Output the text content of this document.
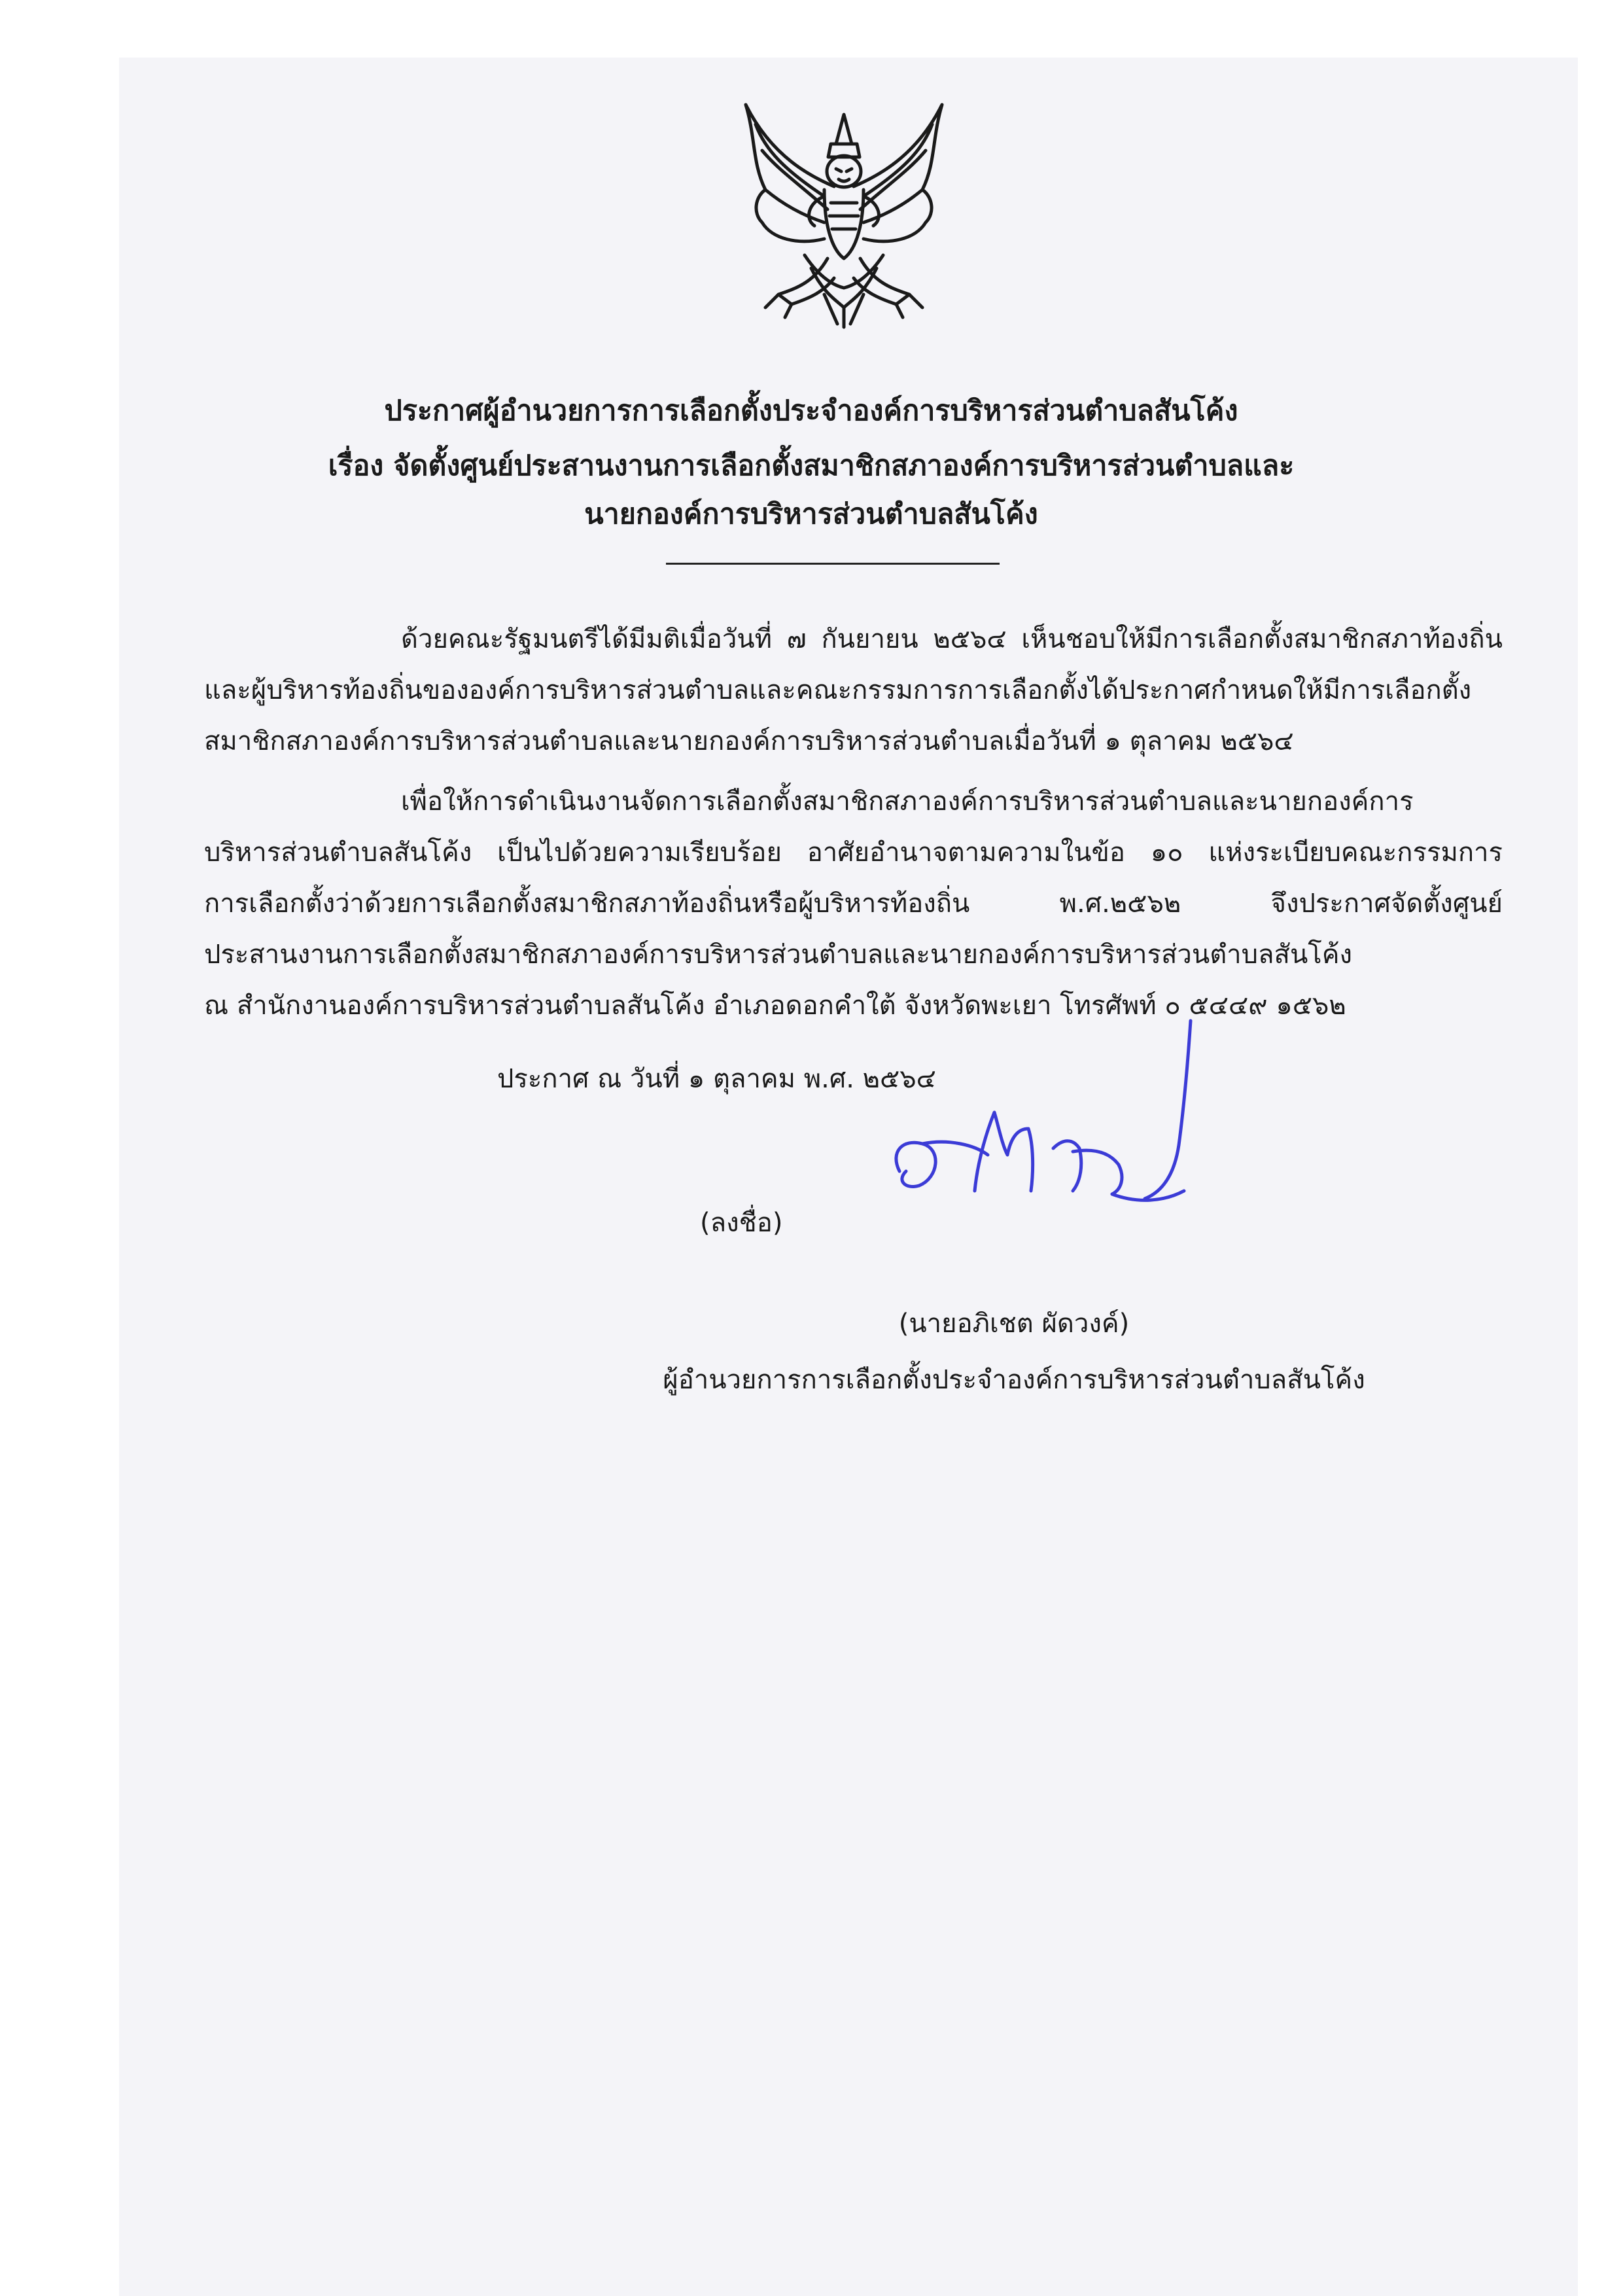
ประกาศผู้อำนวยการการเลือกตั้งประจำองค์การบริหารส่วนตำบลสันโค้ง
เรื่อง จัดตั้งศูนย์ประสานงานการเลือกตั้งสมาชิกสภาองค์การบริหารส่วนตำบลและ
นายกองค์การบริหารส่วนตำบลสันโค้ง
ด้วยคณะรัฐมนตรีได้มีมติเมื่อวันที่ ๗ กันยายน ๒๕๖๔ เห็นชอบให้มีการเลือกตั้งสมาชิกสภาท้องถิ่น
และผู้บริหารท้องถิ่นขององค์การบริหารส่วนตำบลและคณะกรรมการการเลือกตั้งได้ประกาศกำหนดให้มีการเลือกตั้ง
สมาชิกสภาองค์การบริหารส่วนตำบลและนายกองค์การบริหารส่วนตำบลเมื่อวันที่ ๑ ตุลาคม ๒๕๖๔
เพื่อให้การดำเนินงานจัดการเลือกตั้งสมาชิกสภาองค์การบริหารส่วนตำบลและนายกองค์การ
บริหารส่วนตำบลสันโค้ง เป็นไปด้วยความเรียบร้อย อาศัยอำนาจตามความในข้อ ๑๐ แห่งระเบียบคณะกรรมการ
การเลือกตั้งว่าด้วยการเลือกตั้งสมาชิกสภาท้องถิ่นหรือผู้บริหารท้องถิ่น พ.ศ.๒๕๖๒ จึงประกาศจัดตั้งศูนย์
ประสานงานการเลือกตั้งสมาชิกสภาองค์การบริหารส่วนตำบลและนายกองค์การบริหารส่วนตำบลสันโค้ง
ณ สำนักงานองค์การบริหารส่วนตำบลสันโค้ง อำเภอดอกคำใต้ จังหวัดพะเยา โทรศัพท์ ๐ ๕๔๔๙ ๑๕๖๒
ประกาศ ณ วันที่ ๑ ตุลาคม พ.ศ. ๒๕๖๔
(ลงชื่อ)
(นายอภิเชต ผัดวงค์)
ผู้อำนวยการการเลือกตั้งประจำองค์การบริหารส่วนตำบลสันโค้ง
